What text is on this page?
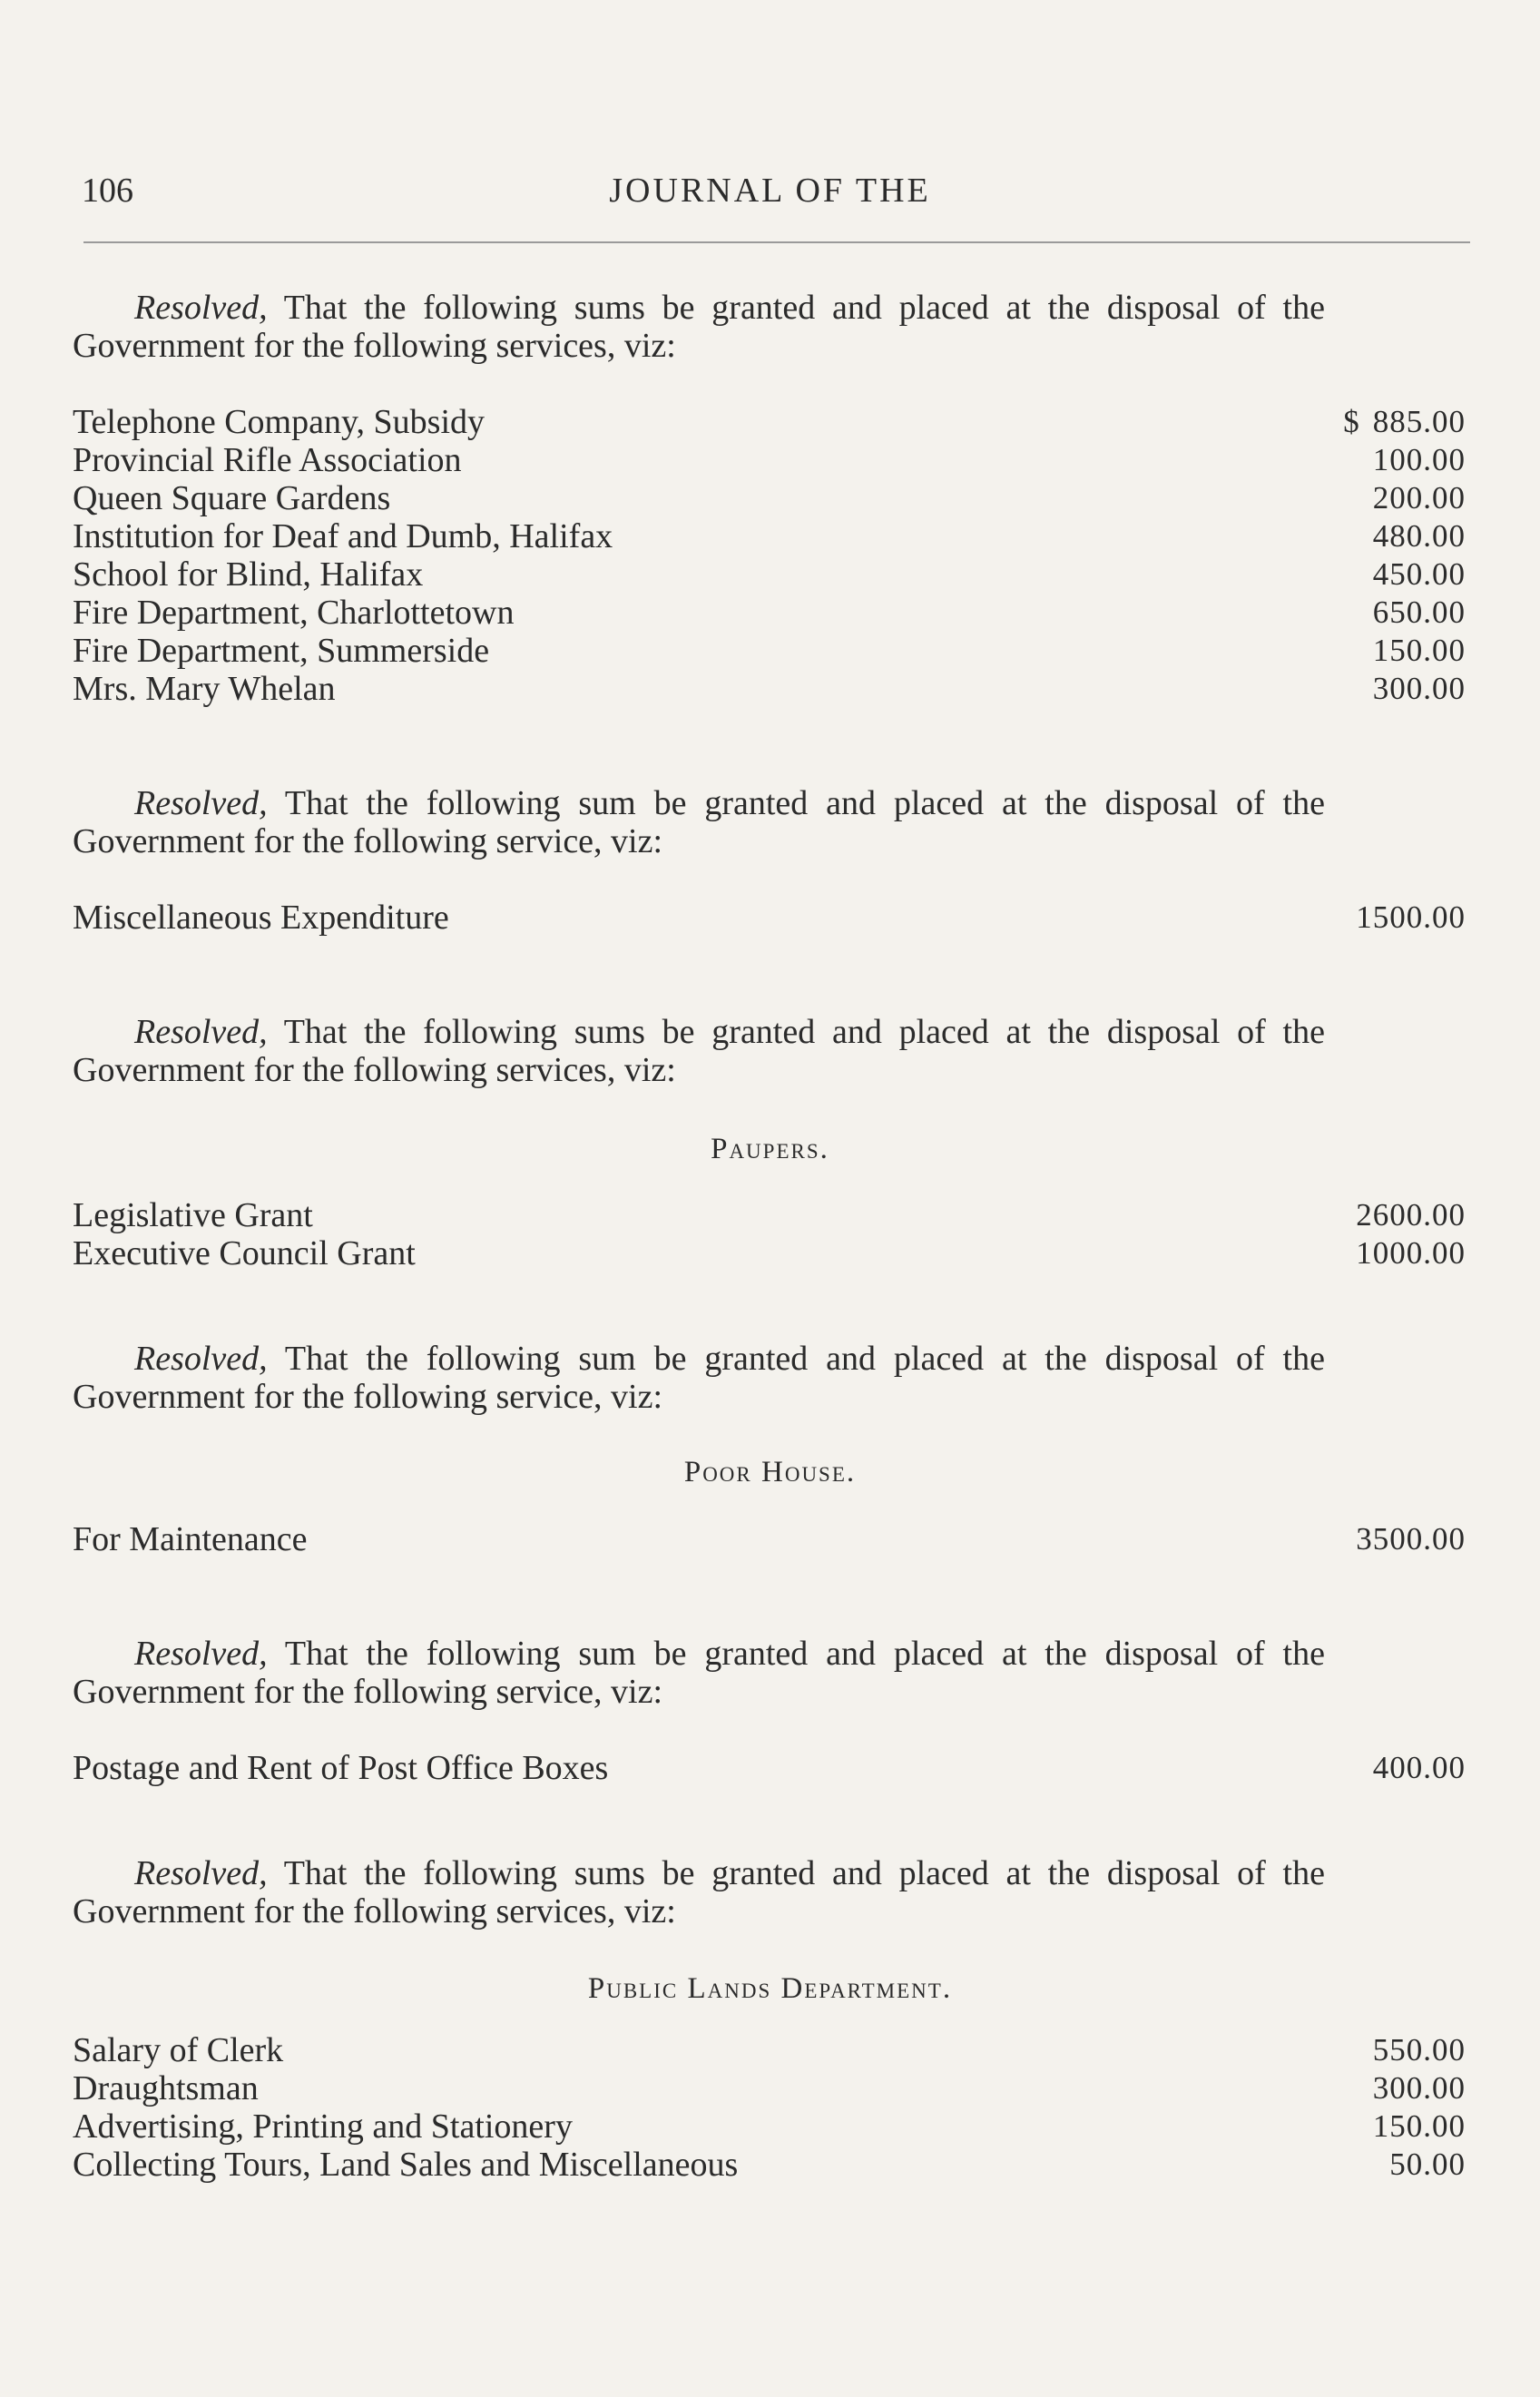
106	JOURNAL OF THE

Resolved, That the following sums be granted and placed at the disposal of the Government for the following services, viz:

Telephone Company, Subsidy	$ 885.00
Provincial Rifle Association	100.00
Queen Square Gardens	200.00
Institution for Deaf and Dumb, Halifax	480.00
School for Blind, Halifax	450.00
Fire Department, Charlottetown	650.00
Fire Department, Summerside	150.00
Mrs. Mary Whelan	300.00

Resolved, That the following sum be granted and placed at the disposal of the Government for the following service, viz:

Miscellaneous Expenditure	1500.00

Resolved, That the following sums be granted and placed at the disposal of the Government for the following services, viz:

Paupers.
Legislative Grant	2600.00
Executive Council Grant	1000.00

Resolved, That the following sum be granted and placed at the disposal of the Government for the following service, viz:

Poor House.
For Maintenance	3500.00

Resolved, That the following sum be granted and placed at the disposal of the Government for the following service, viz:

Postage and Rent of Post Office Boxes	400.00

Resolved, That the following sums be granted and placed at the disposal of the Government for the following services, viz:

Public Lands Department.
Salary of Clerk	550.00
Draughtsman	300.00
Advertising, Printing and Stationery	150.00
Collecting Tours, Land Sales and Miscellaneous	50.00
